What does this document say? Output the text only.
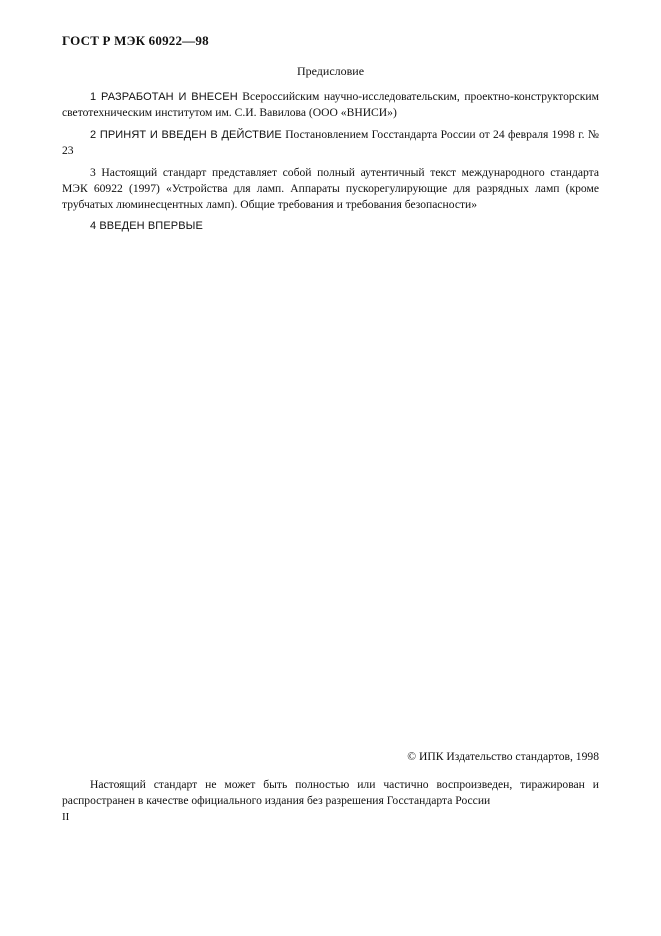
ГОСТ Р МЭК 60922—98
Предисловие

1 РАЗРАБОТАН И ВНЕСЕН Всероссийским научно-исследовательским, проектно-конструкторским светотехническим институтом им. С.И. Вавилова (ООО «ВНИСИ»)

2 ПРИНЯТ И ВВЕДЕН В ДЕЙСТВИЕ Постановлением Госстандарта России от 24 февраля 1998 г. № 23

3 Настоящий стандарт представляет собой полный аутентичный текст международного стандарта МЭК 60922 (1997) «Устройства для ламп. Аппараты пускорегулирующие для разрядных ламп (кроме трубчатых люминесцентных ламп). Общие требования и требования безопасности»

4 ВВЕДЕН ВПЕРВЫЕ

© ИПК Издательство стандартов, 1998

Настоящий стандарт не может быть полностью или частично воспроизведен, тиражирован и распространен в качестве официального издания без разрешения Госстандарта России

II
